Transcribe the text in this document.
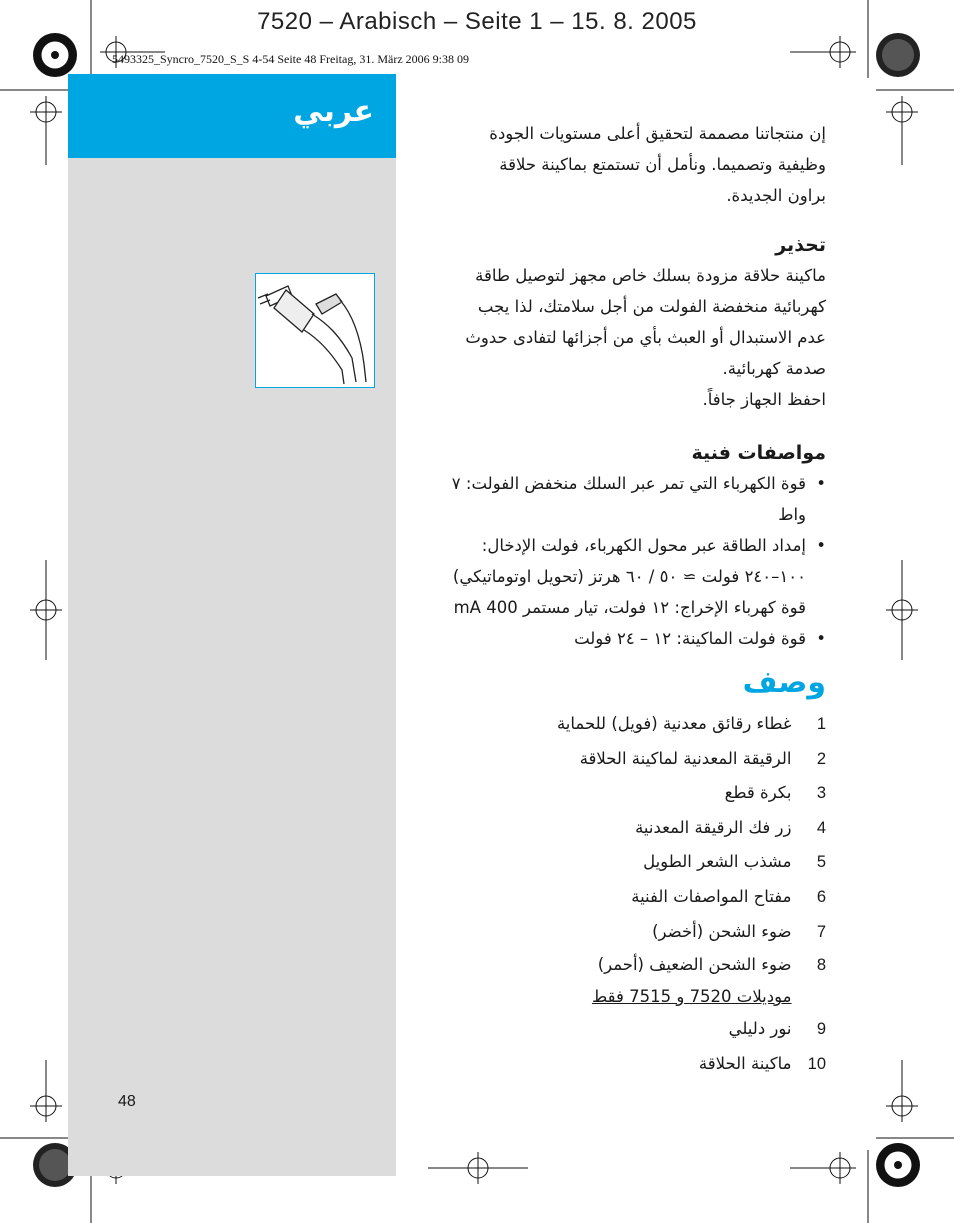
7520 – Arabisch – Seite 1 – 15. 8. 2005
5493325_Syncro_7520_S_S 4-54 Seite 48 Freitag, 31. März 2006 9:38 09
عربي
48
إن منتجاتنا مصممة لتحقيق أعلى مستويات الجودة
وظيفية وتصميما. ونأمل أن تستمتع بماكينة حلاقة
براون الجديدة.
تحذير
ماكينة حلاقة مزودة بسلك خاص مجهز لتوصيل طاقة
كهربائية منخفضة الفولت من أجل سلامتك، لذا يجب
عدم الاستبدال أو العبث بأي من أجزائها لتفادى حدوث
صدمة كهربائية.
احفظ الجهاز جافاً.
مواصفات فنية
• قوة الكهرباء التي تمر عبر السلك منخفض الفولت: ٧ واط
• إمداد الطاقة عبر محول الكهرباء، فولت الإدخال:
١٠٠–٢٤٠ فولت ≃ ٥٠ / ٦٠ هرتز (تحويل اوتوماتيكي)
قوة كهرباء الإخراج: ١٢ فولت، تيار مستمر 400 mA
• قوة فولت الماكينة: ١٢ – ٢٤ فولت
وصف
1  غطاء رقائق معدنية (فويل) للحماية
2  الرقيقة المعدنية لماكينة الحلاقة
3  بكرة قطع
4  زر فك الرقيقة المعدنية
5  مشذب الشعر الطويل
6  مفتاح المواصفات الفنية
7  ضوء الشحن (أخضر)
8  ضوء الشحن الضعيف (أحمر)
موديلات 7520 و 7515 فقط
9  نور دليلي
10  ماكينة الحلاقة
